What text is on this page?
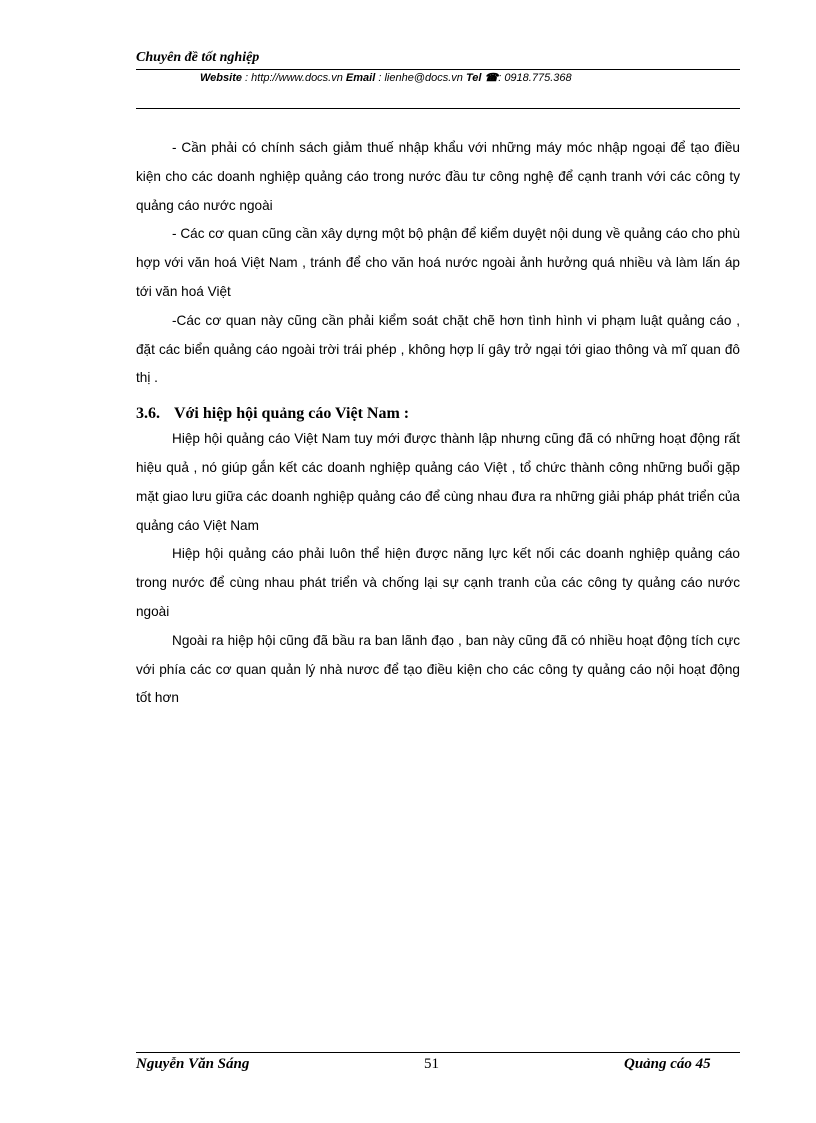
Chuyên đề tốt nghiệp
Website : http://www.docs.vn Email : lienhe@docs.vn Tel ☎: 0918.775.368

- Cần phải có chính sách giảm thuế nhập khẩu với những máy móc nhập ngoại để tạo điều kiện cho các doanh nghiệp quảng cáo trong nước đầu tư công nghệ để cạnh tranh với các công ty quảng cáo nước ngoài

- Các cơ quan cũng cần xây dựng một bộ phận để kiểm duyệt nội dung về quảng cáo cho phù hợp với văn hoá Việt Nam , tránh để cho văn hoá nước ngoài ảnh hưởng quá nhiều và làm lấn áp tới văn hoá Việt

-Các cơ quan này cũng cần phải kiểm soát chặt chẽ hơn tình hình vi phạm luật quảng cáo , đặt các biển quảng cáo ngoài trời trái phép , không hợp lí gây trở ngại tới giao thông và mĩ quan đô thị .

3.6. Với hiệp hội quảng cáo Việt Nam :

Hiệp hội quảng cáo Việt Nam tuy mới được thành lập nhưng cũng đã có những hoạt động rất hiệu quả , nó giúp gắn kết các doanh nghiệp quảng cáo Việt , tổ chức thành công những buổi gặp mặt giao lưu giữa các doanh nghiệp quảng cáo để cùng nhau đưa ra những giải pháp phát triển của quảng cáo Việt Nam

Hiệp hội quảng cáo phải luôn thể hiện được năng lực kết nối các doanh nghiệp quảng cáo trong nước để cùng nhau phát triển và chống lại sự cạnh tranh của các công ty quảng cáo nước ngoài

Ngoài ra hiệp hội cũng đã bầu ra ban lãnh đạo , ban này cũng đã có nhiều hoạt động tích cực với phía các cơ quan quản lý nhà nươc để tạo điều kiện cho các công ty quảng cáo nội hoạt động tốt hơn

Nguyễn Văn Sáng	51	Quảng cáo 45
